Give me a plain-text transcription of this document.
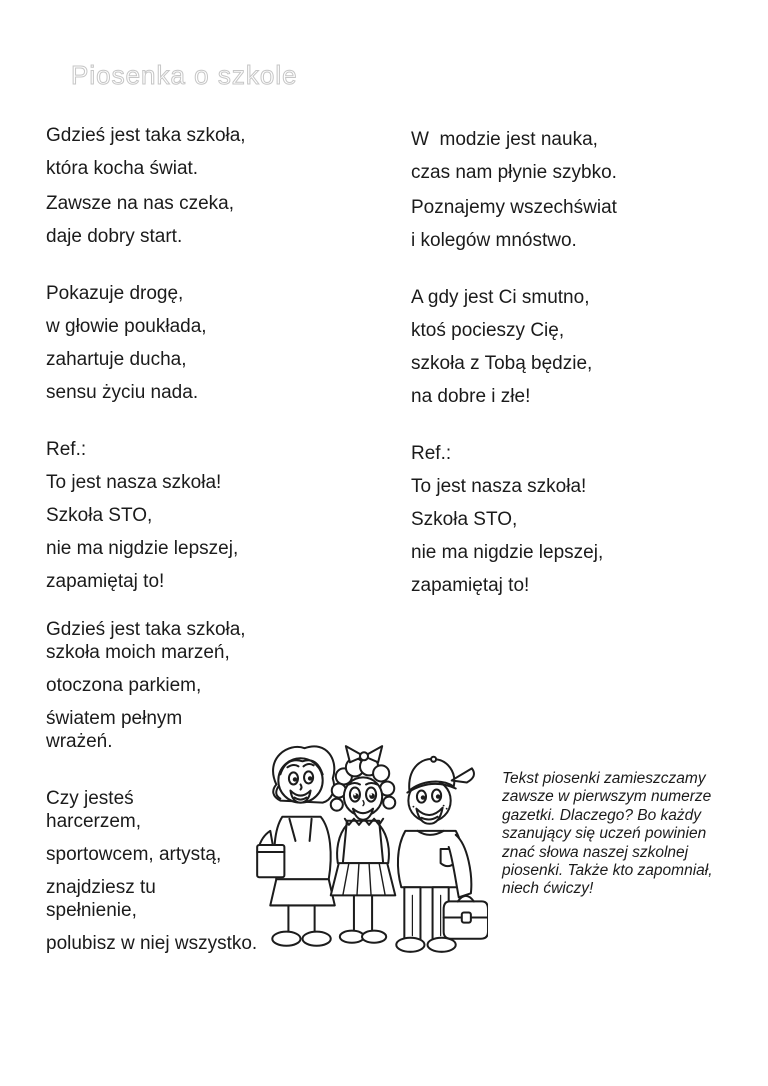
Piosenka o szkole

Gdzieś jest taka szkoła,

która kocha świat.

Zawsze na nas czeka,

daje dobry start.

Pokazuje drogę,

w głowie poukłada,

zahartuje ducha,

sensu życiu nada.

Ref.:

To jest nasza szkoła!

Szkoła STO,

nie ma nigdzie lepszej,

zapamiętaj to!

Gdzieś jest taka szkoła,
szkoła moich marzeń,

otoczona parkiem,

światem pełnym
wrażeń.

Czy jesteś
harcerzem,

sportowcem, artystą,

znajdziesz tu
spełnienie,

polubisz w niej wszystko.

W  modzie jest nauka,

czas nam płynie szybko.

Poznajemy wszechświat

i kolegów mnóstwo.

A gdy jest Ci smutno,

ktoś pocieszy Cię,

szkoła z Tobą będzie,

na dobre i złe!

Ref.:

To jest nasza szkoła!

Szkoła STO,

nie ma nigdzie lepszej,

zapamiętaj to!

Tekst piosenki zamieszczamy
zawsze w pierwszym numerze
gazetki. Dlaczego? Bo każdy
szanujący się uczeń powinien
znać słowa naszej szkolnej
piosenki. Także kto zapomniał,
niech ćwiczy!
